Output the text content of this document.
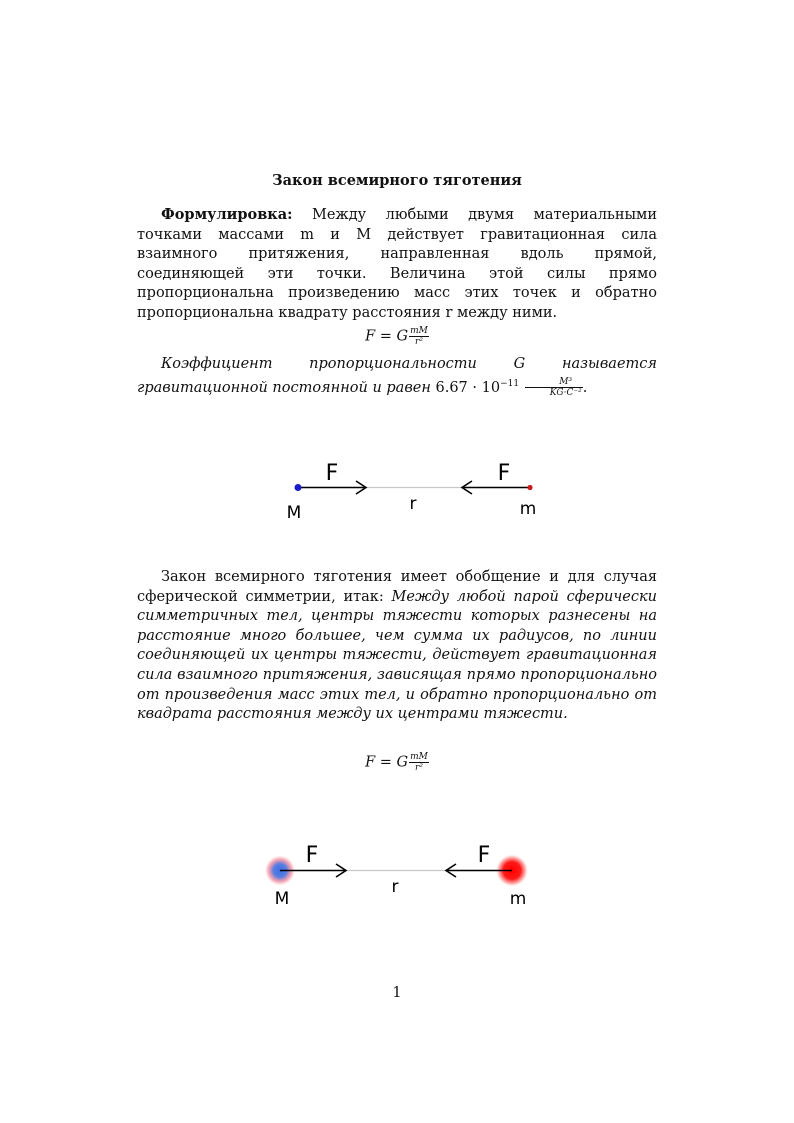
Закон всемирного тяготения
Формулировка: Между любыми двумя материальными точками массами m и M действует гравитационная сила взаимного притяжения, направленная вдоль прямой, соединяющей эти точки. Величина этой силы прямо пропорциональна произведению масс этих точек и обратно пропорциональна квадрату расстояния r между ними.
F = G $\frac{mM}{\text{r²}}$
Коэффициент пропорциональности G называется гравитационной постоянной и равен $6.67 \cdot 10^{-11} \frac{\text{M³}}{\text{KG·C⁻²}}$ .
F	F
r
M	m
Закон всемирного тяготения имеет обобщение и для случая сферической симметрии, итак: Между любой парой сферически симметричных тел, центры тяжести которых разнесены на расстояние много большее, чем сумма их радиусов, по линии соединяющей их центры тяжести, действует гравитационная сила взаимного притяжения, зависящая прямо пропорционально от произведения масс этих тел, и обратно пропорционально от квадрата расстояния между их центрами тяжести.
F = G $\frac{mM}{\text{r²}}$
F	F
r
M	m
1
